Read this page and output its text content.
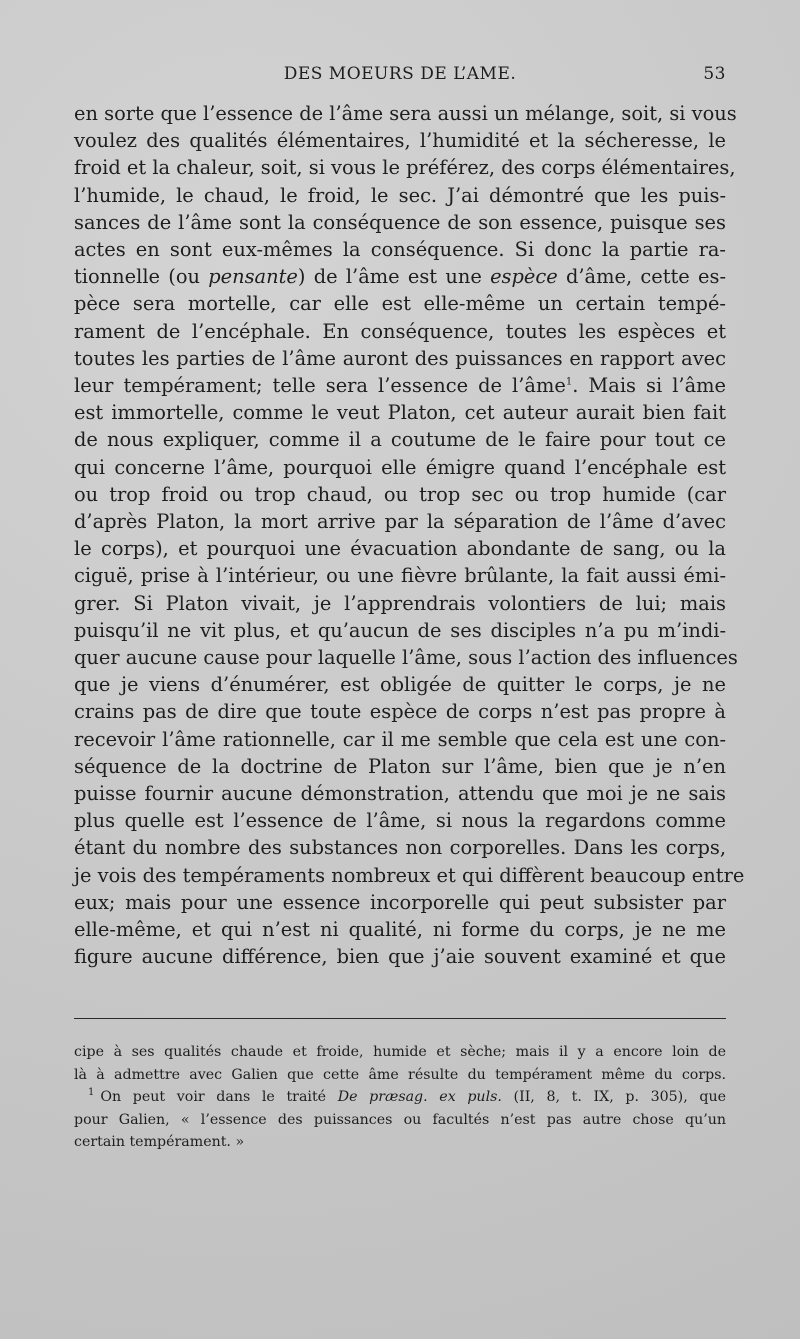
DES MOEURS DE L’AME.	53
en sorte que l’essence de l’âme sera aussi un mélange, soit, si vous
voulez des qualités élémentaires, l’humidité et la sécheresse, le
froid et la chaleur, soit, si vous le préférez, des corps élémentaires,
l’humide, le chaud, le froid, le sec. J’ai démontré que les puis-
sances de l’âme sont la conséquence de son essence, puisque ses
actes en sont eux-mêmes la conséquence. Si donc la partie ra-
tionnelle (ou pensante) de l’âme est une espèce d’âme, cette es-
pèce sera mortelle, car elle est elle-même un certain tempé-
rament de l’encéphale. En conséquence, toutes les espèces et
toutes les parties de l’âme auront des puissances en rapport avec
leur tempérament; telle sera l’essence de l’âme$^1$. Mais si l’âme
est immortelle, comme le veut Platon, cet auteur aurait bien fait
de nous expliquer, comme il a coutume de le faire pour tout ce
qui concerne l’âme, pourquoi elle émigre quand l’encéphale est
ou trop froid ou trop chaud, ou trop sec ou trop humide (car
d’après Platon, la mort arrive par la séparation de l’âme d’avec
le corps), et pourquoi une évacuation abondante de sang, ou la
ciguë, prise à l’intérieur, ou une fièvre brûlante, la fait aussi émi-
grer. Si Platon vivait, je l’apprendrais volontiers de lui; mais
puisqu’il ne vit plus, et qu’aucun de ses disciples n’a pu m’indi-
quer aucune cause pour laquelle l’âme, sous l’action des influences
que je viens d’énumérer, est obligée de quitter le corps, je ne
crains pas de dire que toute espèce de corps n’est pas propre à
recevoir l’âme rationnelle, car il me semble que cela est une con-
séquence de la doctrine de Platon sur l’âme, bien que je n’en
puisse fournir aucune démonstration, attendu que moi je ne sais
plus quelle est l’essence de l’âme, si nous la regardons comme
étant du nombre des substances non corporelles. Dans les corps,
je vois des tempéraments nombreux et qui diffèrent beaucoup entre
eux; mais pour une essence incorporelle qui peut subsister par
elle-même, et qui n’est ni qualité, ni forme du corps, je ne me
figure aucune différence, bien que j’aie souvent examiné et que
cipe à ses qualités chaude et froide, humide et sèche; mais il y a encore loin de
là à admettre avec Galien que cette âme résulte du tempérament même du corps.
$^1$ On peut voir dans le traité De præsag. ex puls. (II, 8, t. IX, p. 305), que
pour Galien, « l’essence des puissances ou facultés n’est pas autre chose qu’un
certain tempérament. »
